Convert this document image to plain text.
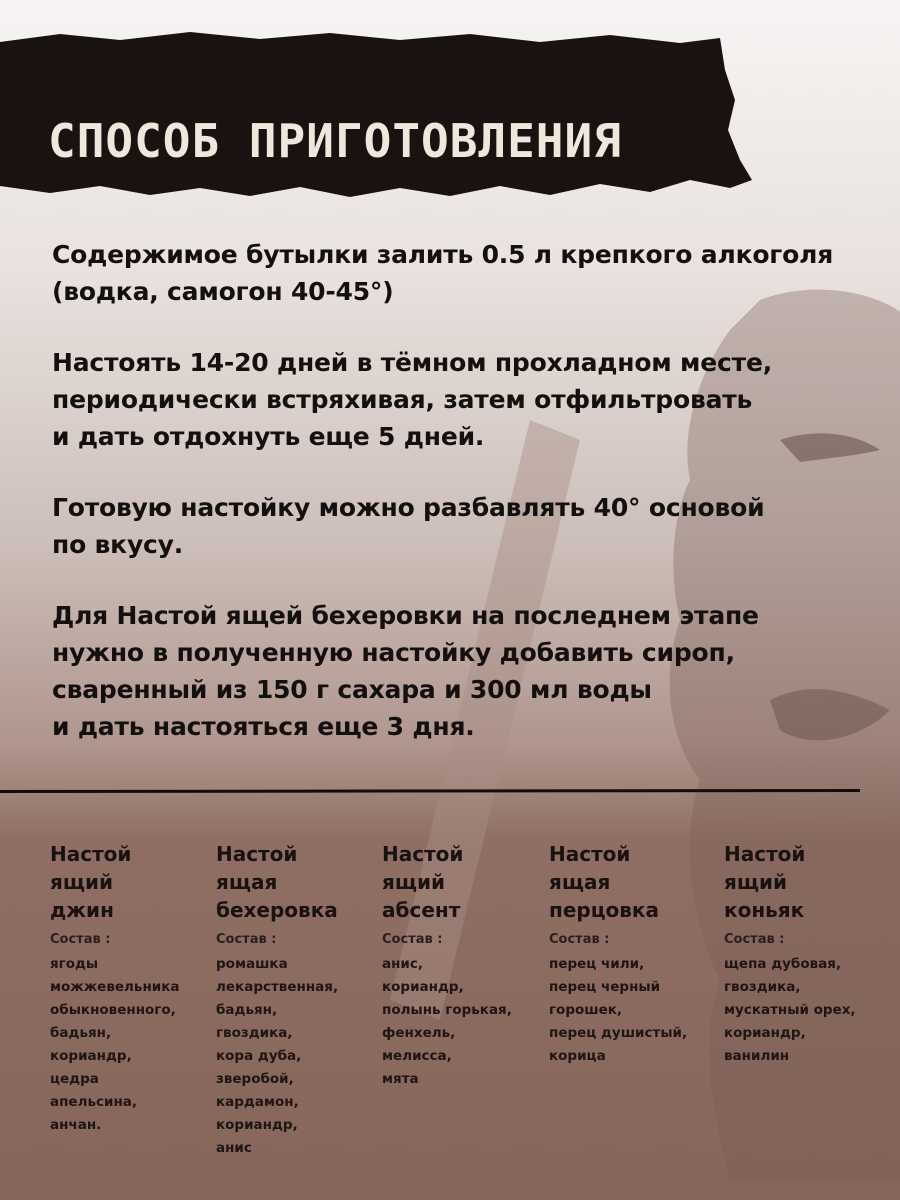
СПОСОБ ПРИГОТОВЛЕНИЯ

Содержимое бутылки залить 0.5 л крепкого алкоголя
(водка, самогон 40-45°)

Настоять 14-20 дней в тёмном прохладном месте,
периодически встряхивая, затем отфильтровать
и дать отдохнуть еще 5 дней.

Готовую настойку можно разбавлять 40° основой
по вкусу.

Для Настой ящей бехеровки на последнем этапе
нужно в полученную настойку добавить сироп,
сваренный из 150 г сахара и 300 мл воды
и дать настояться еще 3 дня.

Настой
ящий
джин

Состав :

ягоды
можжевельника
обыкновенного,
бадьян,
кориандр,
цедра
апельсина,
анчан.

Настой
ящая
бехеровка

Состав :

ромашка
лекарственная,
бадьян,
гвоздика,
кора дуба,
зверобой,
кардамон,
кориандр,
анис

Настой
ящий
абсент

Состав :

анис,
кориандр,
полынь горькая,
фенхель,
мелисса,
мята

Настой
ящая
перцовка

Состав :

перец чили,
перец черный
горошек,
перец душистый,
корица

Настой
ящий
коньяк

Состав :

щепа дубовая,
гвоздика,
мускатный орех,
кориандр,
ванилин
